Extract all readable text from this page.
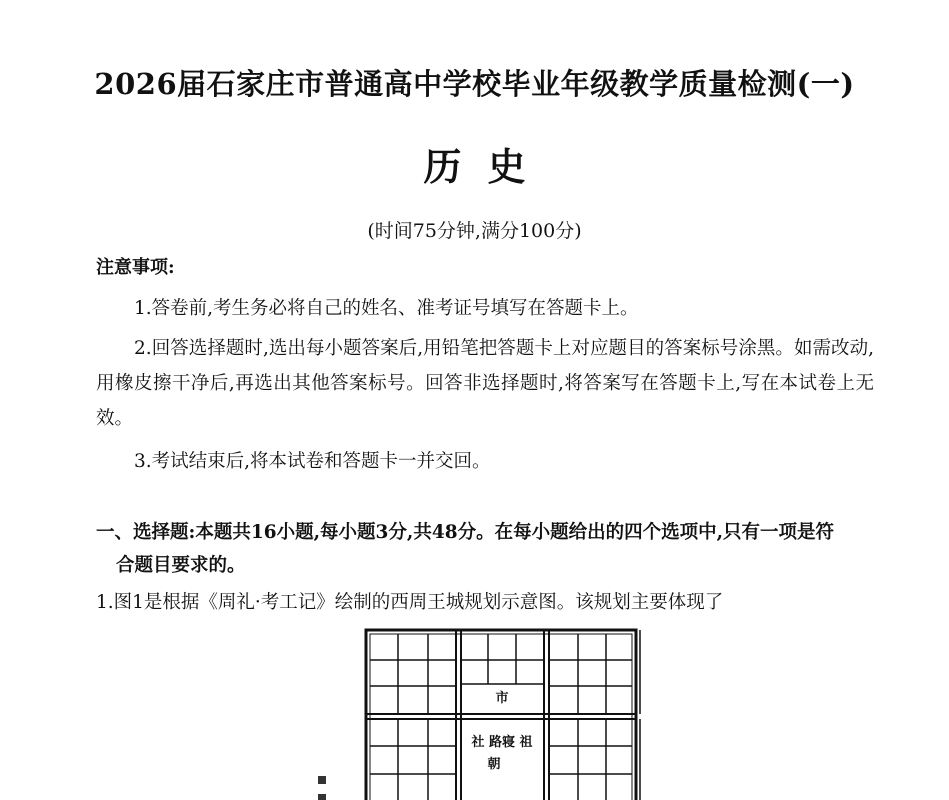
2026届石家庄市普通高中学校毕业年级教学质量检测(一)
历史
(时间75分钟,满分100分)
注意事项:
1.答卷前,考生务必将自己的姓名、准考证号填写在答题卡上。
2.回答选择题时,选出每小题答案后,用铅笔把答题卡上对应题目的答案标号涂黑。如需改动,用橡皮擦干净后,再选出其他答案标号。回答非选择题时,将答案写在答题卡上,写在本试卷上无效。
3.考试结束后,将本试卷和答题卡一并交回。
一、选择题:本题共16小题,每小题3分,共48分。在每小题给出的四个选项中,只有一项是符
合题目要求的。
1.图1是根据《周礼·考工记》绘制的西周王城规划示意图。该规划主要体现了
市
社 路寝 祖
朝
